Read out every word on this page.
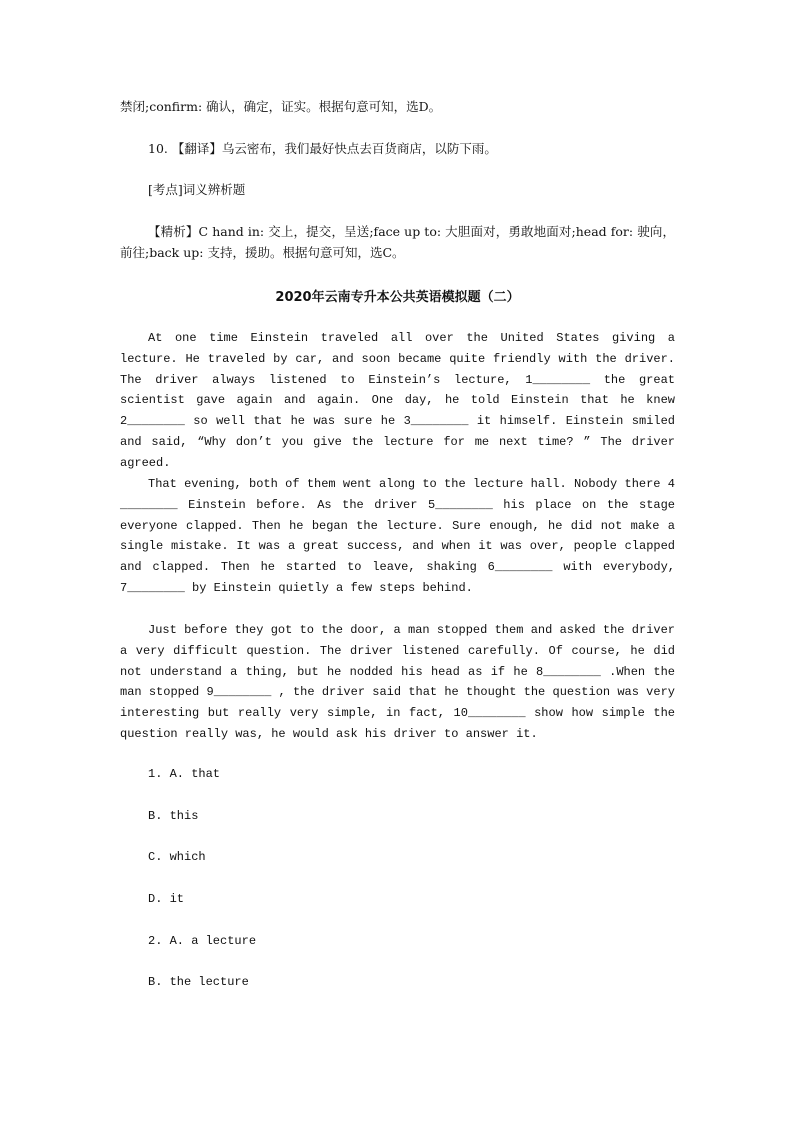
禁闭;confirm: 确认，确定，证实。根据句意可知，选D。

10. 【翻译】乌云密布，我们最好快点去百货商店，以防下雨。

[考点]词义辨析题

【精析】C hand in: 交上，提交，呈送;face up to: 大胆面对，勇敢地面对;head for: 驶向，前往;back up: 支持，援助。根据句意可知，选C。

2020年云南专升本公共英语模拟题（二）

At one time Einstein traveled all over the United States giving a lecture. He traveled by car, and soon became quite friendly with the driver. The driver always listened to Einstein’s lecture, 1________ the great scientist gave again and again. One day, he told Einstein that he knew 2________ so well that he was sure he 3________ it himself. Einstein smiled and said, “Why don’t you give the lecture for me next time? ” The driver agreed.

That evening, both of them went along to the lecture hall. Nobody there 4 ________ Einstein before. As the driver 5________ his place on the stage everyone clapped. Then he began the lecture. Sure enough, he did not make a single mistake. It was a great success, and when it was over, people clapped and clapped. Then he started to leave, shaking 6________ with everybody, 7________ by Einstein quietly a few steps behind.

Just before they got to the door, a man stopped them and asked the driver a very difficult question. The driver listened carefully. Of course, he did not understand a thing, but he nodded his head as if he 8________ .When the man stopped 9________ , the driver said that he thought the question was very interesting but really very simple, in fact, 10________ show how simple the question really was, he would ask his driver to answer it.

1. A. that

B. this

C. which

D. it

2. A. a lecture

B. the lecture
